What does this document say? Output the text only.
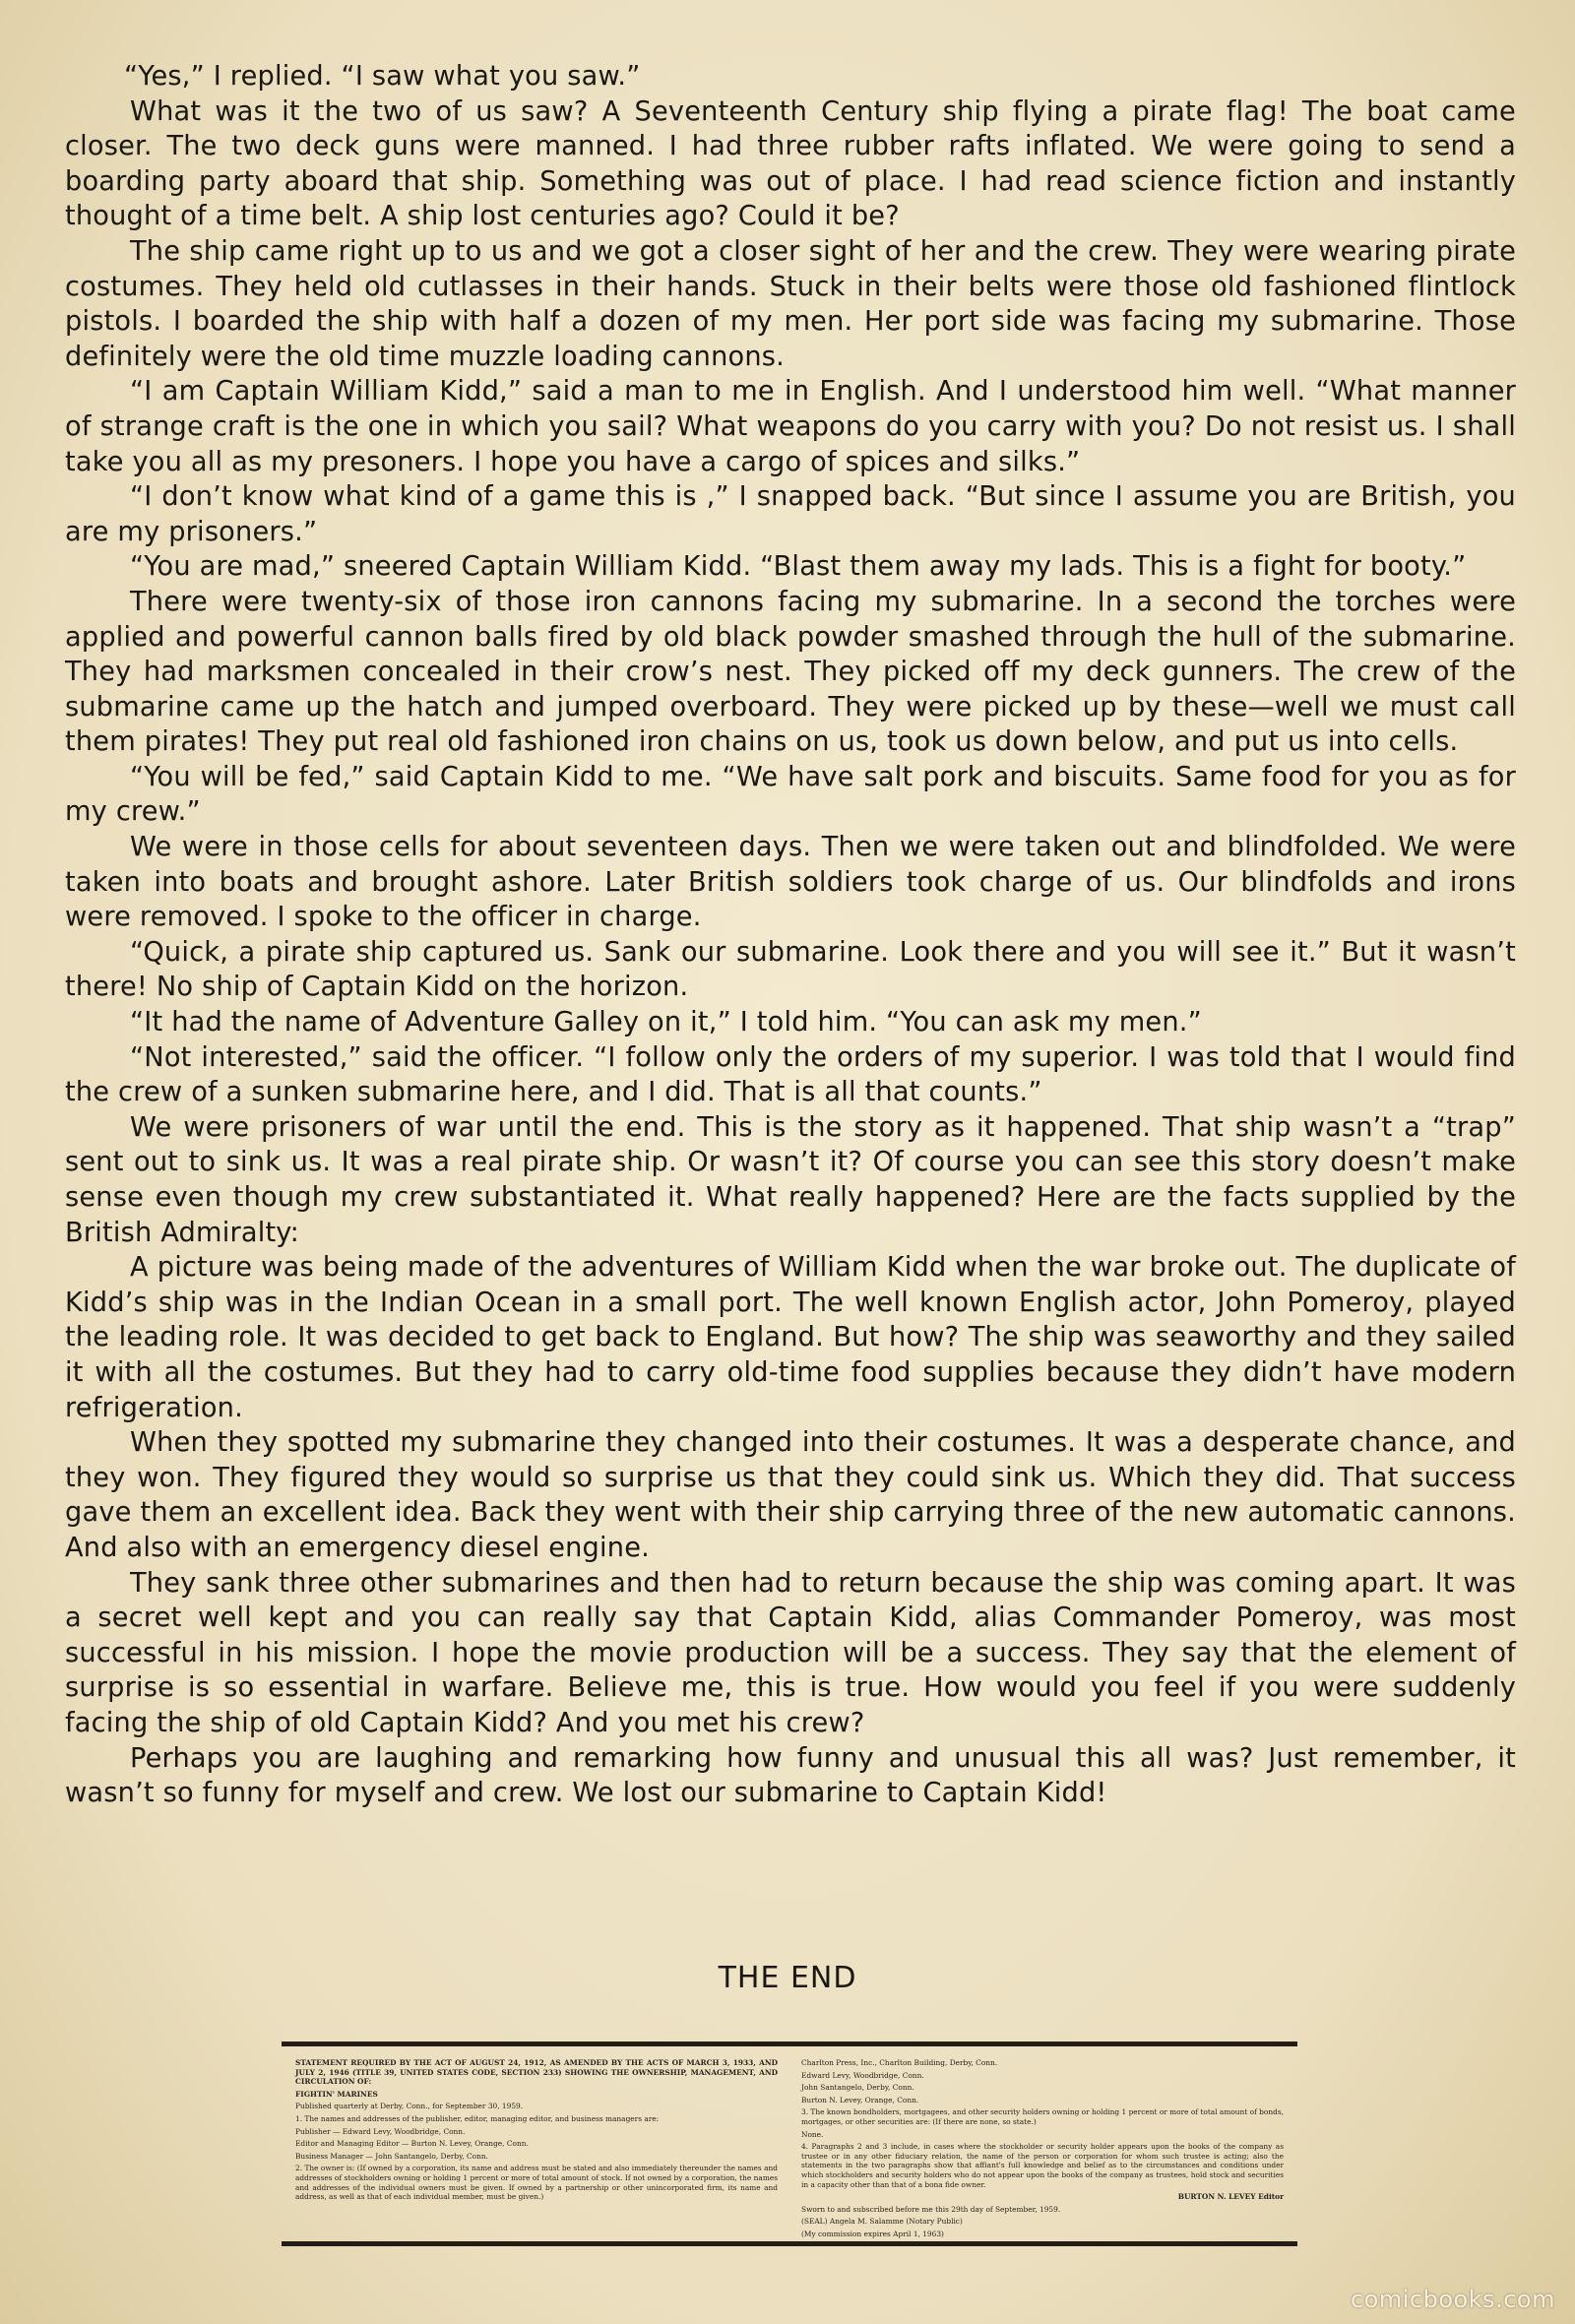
“Yes,” I replied. “I saw what you saw.”

What was it the two of us saw? A Seventeenth Century ship flying a pirate flag! The boat came closer. The two deck guns were manned. I had three rubber rafts inflated. We were going to send a boarding party aboard that ship. Something was out of place. I had read science fiction and instantly thought of a time belt. A ship lost centuries ago? Could it be?

The ship came right up to us and we got a closer sight of her and the crew. They were wearing pirate costumes. They held old cutlasses in their hands. Stuck in their belts were those old fashioned flintlock pistols. I boarded the ship with half a dozen of my men. Her port side was facing my submarine. Those definitely were the old time muzzle loading cannons.

“I am Captain William Kidd,” said a man to me in English. And I understood him well. “What manner of strange craft is the one in which you sail? What weapons do you carry with you? Do not resist us. I shall take you all as my presoners. I hope you have a cargo of spices and silks.”

“I don’t know what kind of a game this is ,” I snapped back. “But since I assume you are British, you are my prisoners.”

“You are mad,” sneered Captain William Kidd. “Blast them away my lads. This is a fight for booty.”

There were twenty-six of those iron cannons facing my submarine. In a second the torches were applied and powerful cannon balls fired by old black powder smashed through the hull of the submarine. They had marksmen concealed in their crow’s nest. They picked off my deck gunners. The crew of the submarine came up the hatch and jumped overboard. They were picked up by these—well we must call them pirates! They put real old fashioned iron chains on us, took us down below, and put us into cells.

“You will be fed,” said Captain Kidd to me. “We have salt pork and biscuits. Same food for you as for my crew.”

We were in those cells for about seventeen days. Then we were taken out and blindfolded. We were taken into boats and brought ashore. Later British soldiers took charge of us. Our blindfolds and irons were removed. I spoke to the officer in charge.

“Quick, a pirate ship captured us. Sank our submarine. Look there and you will see it.” But it wasn’t there! No ship of Captain Kidd on the horizon.

“It had the name of Adventure Galley on it,” I told him. “You can ask my men.”

“Not interested,” said the officer. “I follow only the orders of my superior. I was told that I would find the crew of a sunken submarine here, and I did. That is all that counts.”

We were prisoners of war until the end. This is the story as it happened. That ship wasn’t a “trap” sent out to sink us. It was a real pirate ship. Or wasn’t it? Of course you can see this story doesn’t make sense even though my crew substantiated it. What really happened? Here are the facts supplied by the British Admiralty:

A picture was being made of the adventures of William Kidd when the war broke out. The duplicate of Kidd’s ship was in the Indian Ocean in a small port. The well known English actor, John Pomeroy, played the leading role. It was decided to get back to England. But how? The ship was seaworthy and they sailed it with all the costumes. But they had to carry old-time food supplies because they didn’t have modern refrigeration.

When they spotted my submarine they changed into their costumes. It was a desperate chance, and they won. They figured they would so surprise us that they could sink us. Which they did. That success gave them an excellent idea. Back they went with their ship carrying three of the new automatic cannons. And also with an emergency diesel engine.

They sank three other submarines and then had to return because the ship was coming apart. It was a secret well kept and you can really say that Captain Kidd, alias Commander Pomeroy, was most successful in his mission. I hope the movie production will be a success. They say that the element of surprise is so essential in warfare. Believe me, this is true. How would you feel if you were suddenly facing the ship of old Captain Kidd? And you met his crew?

Perhaps you are laughing and remarking how funny and unusual this all was? Just remember, it wasn’t so funny for myself and crew. We lost our submarine to Captain Kidd!

THE END

STATEMENT REQUIRED BY THE ACT OF AUGUST 24, 1912, AS AMENDED BY THE ACTS OF MARCH 3, 1933, AND JULY 2, 1946 (TITLE 39, UNITED STATES CODE, SECTION 233) SHOWING THE OWNERSHIP, MANAGEMENT, AND CIRCULATION OF:

FIGHTIN' MARINES

Published quarterly at Derby, Conn., for September 30, 1959.

1. The names and addresses of the publisher, editor, managing editor, and business managers are:

Publisher — Edward Levy, Woodbridge, Conn.

Editor and Managing Editor — Burton N. Levey, Orange, Conn.

Business Manager — John Santangelo, Derby, Conn.

2. The owner is: (If owned by a corporation, its name and address must be stated and also immediately thereunder the names and addresses of stockholders owning or holding 1 percent or more of total amount of stock. If not owned by a corporation, the names and addresses of the individual owners must be given. If owned by a partnership or other unincorporated firm, its name and address, as well as that of each individual member, must be given.)

Charlton Press, Inc., Charlton Building, Derby, Conn.

Edward Levy, Woodbridge, Conn.

John Santangelo, Derby, Conn.

Burton N. Levey, Orange, Conn.

3. The known bondholders, mortgagees, and other security holders owning or holding 1 percent or more of total amount of bonds, mortgages, or other securities are: (If there are none, so state.)

None.

4. Paragraphs 2 and 3 include, in cases where the stockholder or security holder appears upon the books of the company as trustee or in any other fiduciary relation, the name of the person or corporation for whom such trustee is acting; also the statements in the two paragraphs show that affiant's full knowledge and belief as to the circumstances and conditions under which stockholders and security holders who do not appear upon the books of the company as trustees, hold stock and securities in a capacity other than that of a bona fide owner.

BURTON N. LEVEY Editor

Sworn to and subscribed before me this 29th day of September, 1959.

(SEAL) Angela M. Salamme (Notary Public)

(My commission expires April 1, 1963)

comicbooks.com
